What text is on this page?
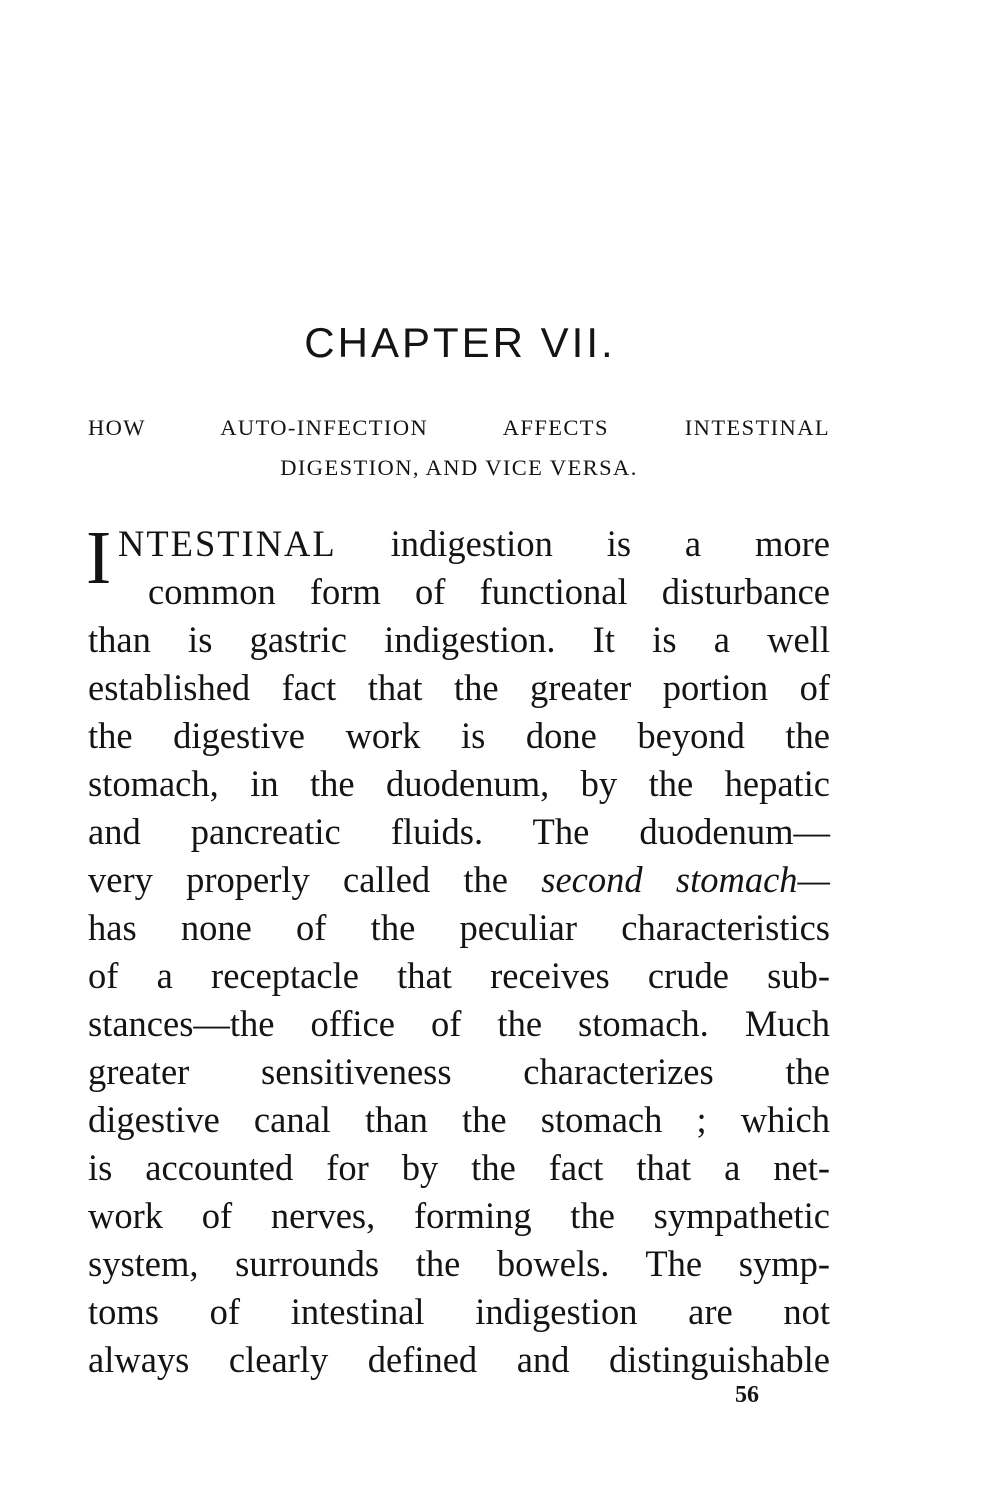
CHAPTER VII.
HOW AUTO-INFECTION AFFECTS INTESTINAL
DIGESTION, AND VICE VERSA.
I NTESTINAL indigestion is a more
common form of functional disturbance
than is gastric indigestion. It is a well
established fact that the greater portion of
the digestive work is done beyond the
stomach, in the duodenum, by the hepatic
and pancreatic fluids. The duodenum—
very properly called the second stomach—
has none of the peculiar characteristics
of a receptacle that receives crude sub-
stances—the office of the stomach. Much
greater sensitiveness characterizes the
digestive canal than the stomach ; which
is accounted for by the fact that a net-
work of nerves, forming the sympathetic
system, surrounds the bowels. The symp-
toms of intestinal indigestion are not
always clearly defined and distinguishable
56
